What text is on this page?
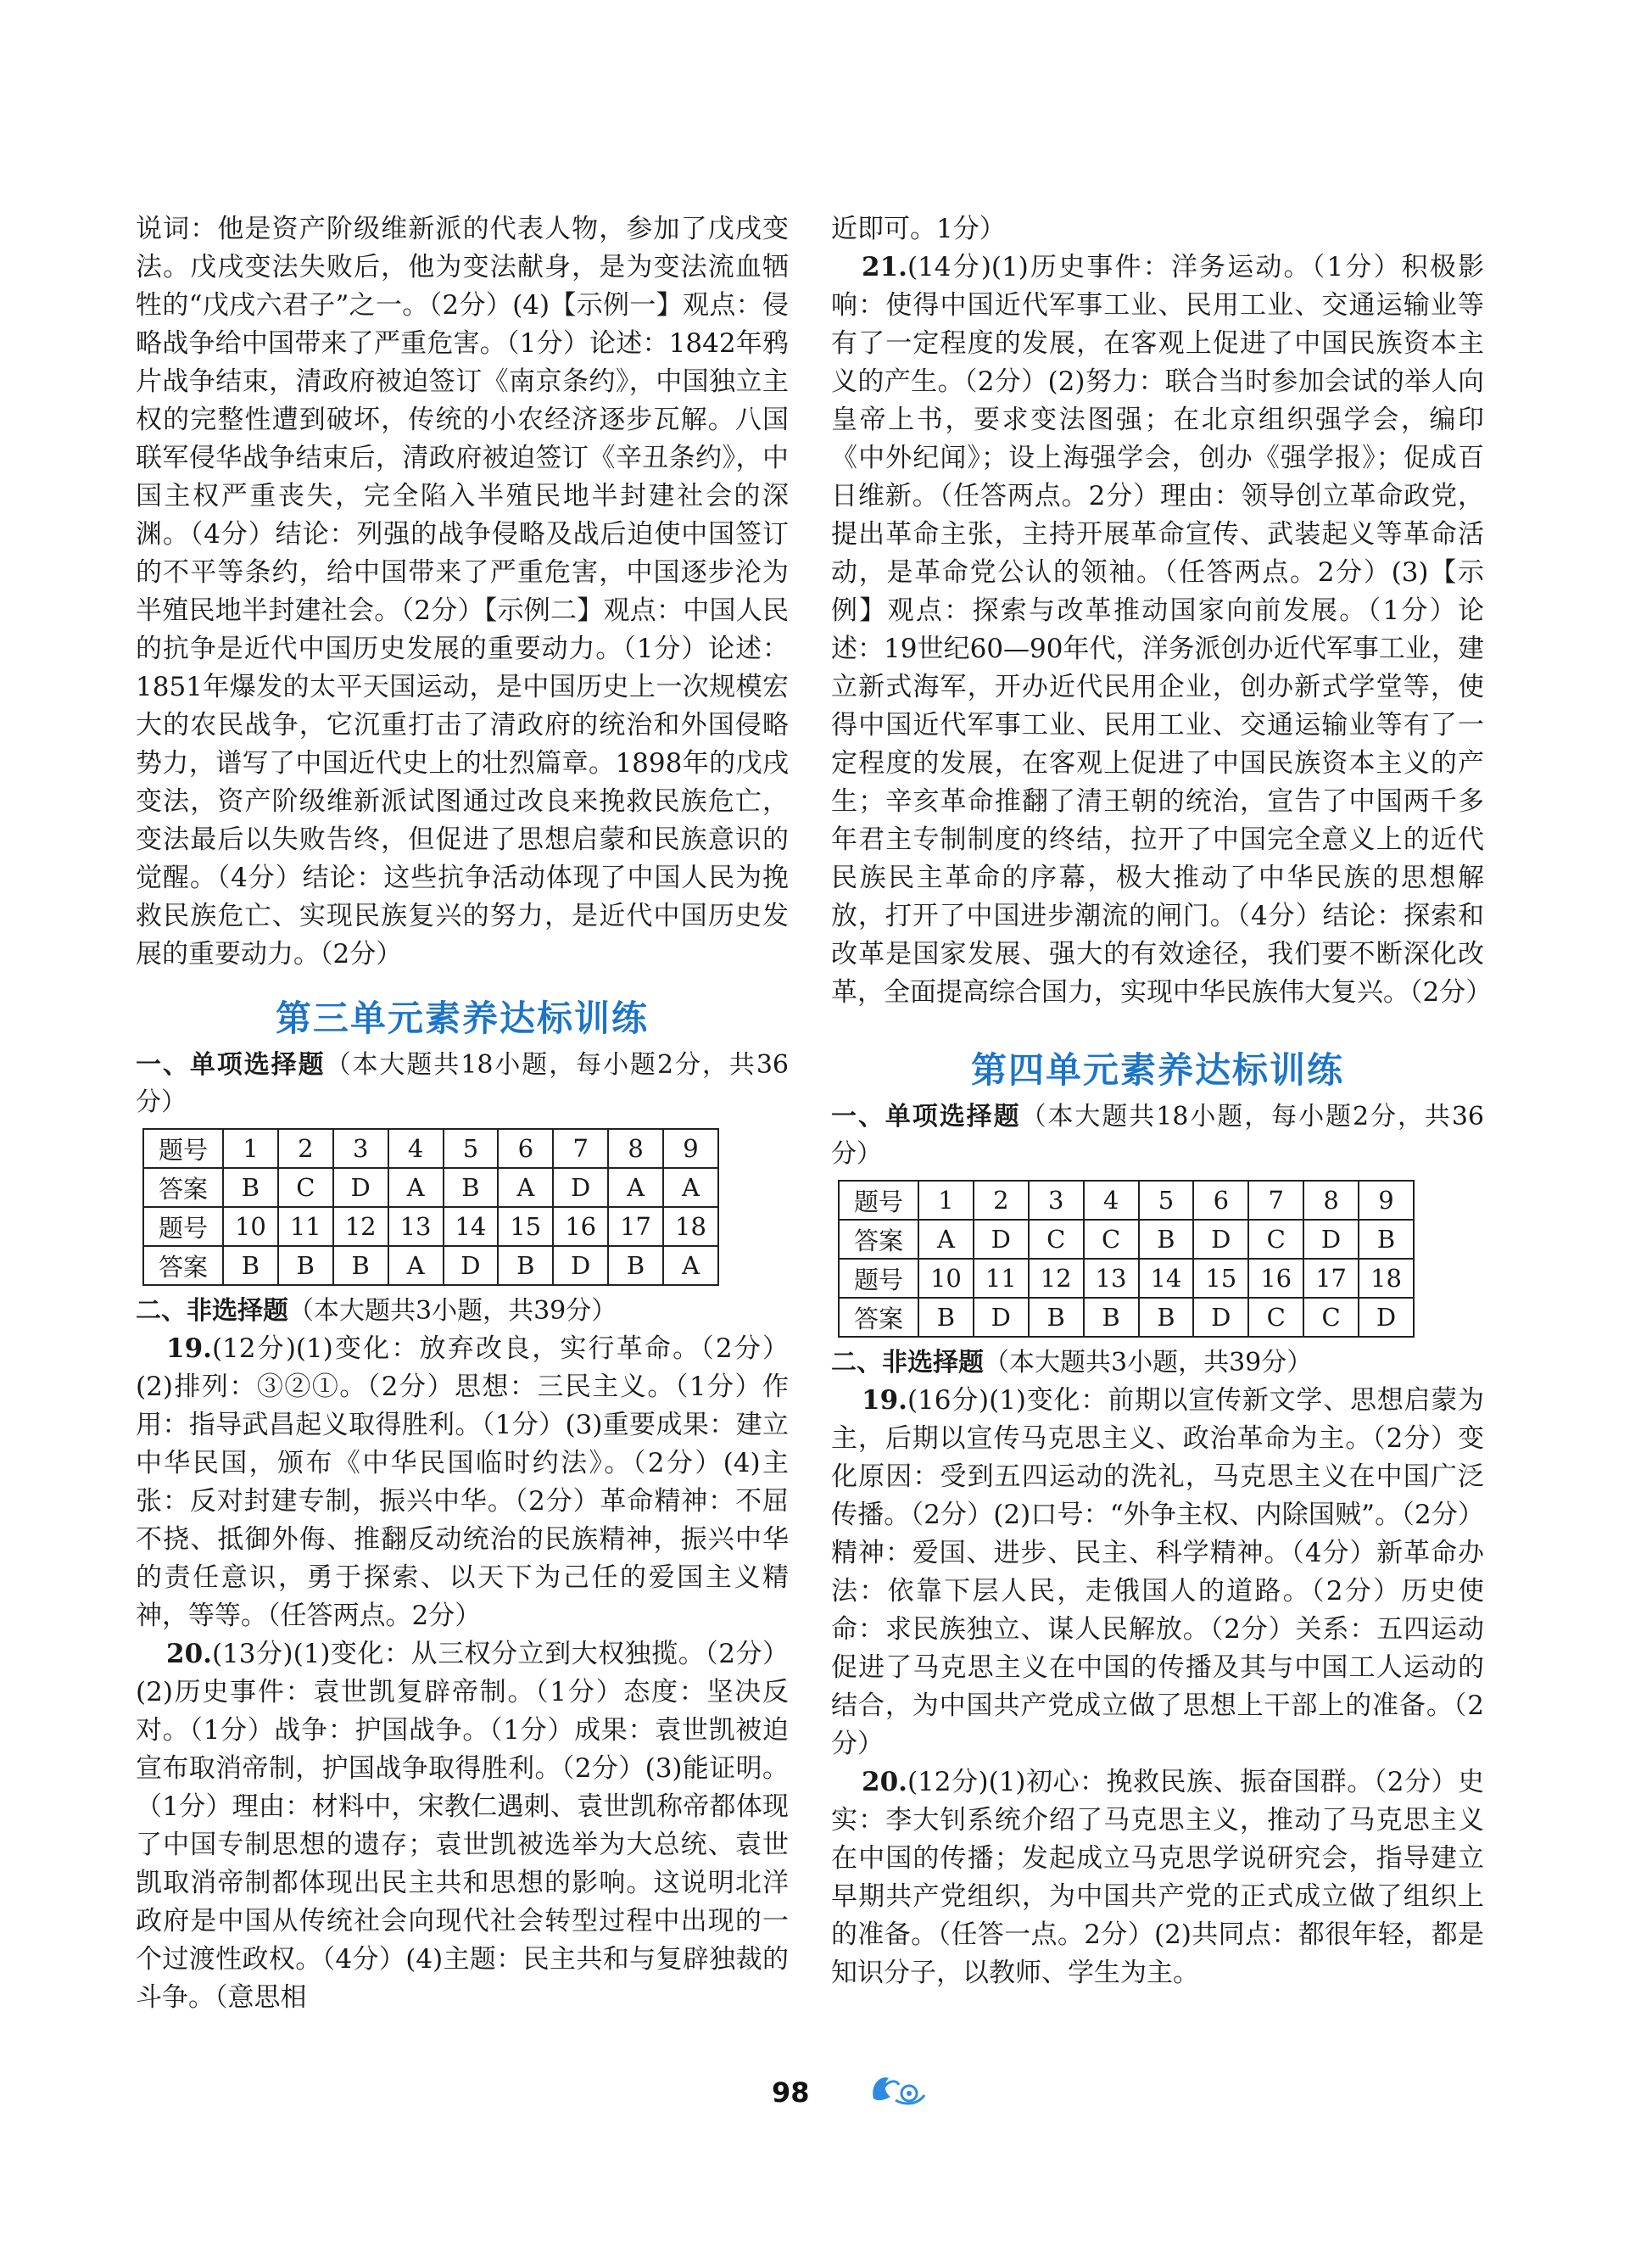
说词：他是资产阶级维新派的代表人物，参加了戊戌变法。戊戌变法失败后，他为变法献身，是为变法流血牺牲的“戊戌六君子”之一。（2分）(4)【示例一】观点：侵略战争给中国带来了严重危害。（1分）论述：1842年鸦片战争结束，清政府被迫签订《南京条约》，中国独立主权的完整性遭到破坏，传统的小农经济逐步瓦解。八国联军侵华战争结束后，清政府被迫签订《辛丑条约》，中国主权严重丧失，完全陷入半殖民地半封建社会的深渊。（4分）结论：列强的战争侵略及战后迫使中国签订的不平等条约，给中国带来了严重危害，中国逐步沦为半殖民地半封建社会。（2分）【示例二】观点：中国人民的抗争是近代中国历史发展的重要动力。（1分）论述：1851年爆发的太平天国运动，是中国历史上一次规模宏大的农民战争，它沉重打击了清政府的统治和外国侵略势力，谱写了中国近代史上的壮烈篇章。1898年的戊戌变法，资产阶级维新派试图通过改良来挽救民族危亡，变法最后以失败告终，但促进了思想启蒙和民族意识的觉醒。（4分）结论：这些抗争活动体现了中国人民为挽救民族危亡、实现民族复兴的努力，是近代中国历史发展的重要动力。（2分）

第三单元素养达标训练

一、单项选择题（本大题共18小题，每小题2分，共36分）

题号	1	2	3	4	5	6	7	8	9
答案	B	C	D	A	B	A	D	A	A
题号	10	11	12	13	14	15	16	17	18
答案	B	B	B	A	D	B	D	B	A

二、非选择题（本大题共3小题，共39分）

19.(12分)(1)变化：放弃改良，实行革命。（2分）(2)排列：③②①。（2分）思想：三民主义。（1分）作用：指导武昌起义取得胜利。（1分）(3)重要成果：建立中华民国，颁布《中华民国临时约法》。（2分）(4)主张：反对封建专制，振兴中华。（2分）革命精神：不屈不挠、抵御外侮、推翻反动统治的民族精神，振兴中华的责任意识，勇于探索、以天下为己任的爱国主义精神，等等。（任答两点。2分）

20.(13分)(1)变化：从三权分立到大权独揽。（2分）(2)历史事件：袁世凯复辟帝制。（1分）态度：坚决反对。（1分）战争：护国战争。（1分）成果：袁世凯被迫宣布取消帝制，护国战争取得胜利。（2分）(3)能证明。（1分）理由：材料中，宋教仁遇刺、袁世凯称帝都体现了中国专制思想的遗存；袁世凯被选举为大总统、袁世凯取消帝制都体现出民主共和思想的影响。这说明北洋政府是中国从传统社会向现代社会转型过程中出现的一个过渡性政权。（4分）(4)主题：民主共和与复辟独裁的斗争。（意思相

近即可。1分）

21.(14分)(1)历史事件：洋务运动。（1分）积极影响：使得中国近代军事工业、民用工业、交通运输业等有了一定程度的发展，在客观上促进了中国民族资本主义的产生。（2分）(2)努力：联合当时参加会试的举人向皇帝上书，要求变法图强；在北京组织强学会，编印《中外纪闻》；设上海强学会，创办《强学报》；促成百日维新。（任答两点。2分）理由：领导创立革命政党，提出革命主张，主持开展革命宣传、武装起义等革命活动，是革命党公认的领袖。（任答两点。2分）(3)【示例】观点：探索与改革推动国家向前发展。（1分）论述：19世纪60—90年代，洋务派创办近代军事工业，建立新式海军，开办近代民用企业，创办新式学堂等，使得中国近代军事工业、民用工业、交通运输业等有了一定程度的发展，在客观上促进了中国民族资本主义的产生；辛亥革命推翻了清王朝的统治，宣告了中国两千多年君主专制制度的终结，拉开了中国完全意义上的近代民族民主革命的序幕，极大推动了中华民族的思想解放，打开了中国进步潮流的闸门。（4分）结论：探索和改革是国家发展、强大的有效途径，我们要不断深化改革，全面提高综合国力，实现中华民族伟大复兴。（2分）

第四单元素养达标训练

一、单项选择题（本大题共18小题，每小题2分，共36分）

题号	1	2	3	4	5	6	7	8	9
答案	A	D	C	C	B	D	C	D	B
题号	10	11	12	13	14	15	16	17	18
答案	B	D	B	B	B	D	C	C	D

二、非选择题（本大题共3小题，共39分）

19.(16分)(1)变化：前期以宣传新文学、思想启蒙为主，后期以宣传马克思主义、政治革命为主。（2分）变化原因：受到五四运动的洗礼，马克思主义在中国广泛传播。（2分）(2)口号：“外争主权、内除国贼”。（2分）精神：爱国、进步、民主、科学精神。（4分）新革命办法：依靠下层人民，走俄国人的道路。（2分）历史使命：求民族独立、谋人民解放。（2分）关系：五四运动促进了马克思主义在中国的传播及其与中国工人运动的结合，为中国共产党成立做了思想上干部上的准备。（2分）

20.(12分)(1)初心：挽救民族、振奋国群。（2分）史实：李大钊系统介绍了马克思主义，推动了马克思主义在中国的传播；发起成立马克思学说研究会，指导建立早期共产党组织，为中国共产党的正式成立做了组织上的准备。（任答一点。2分）(2)共同点：都很年轻，都是知识分子，以教师、学生为主。

98
